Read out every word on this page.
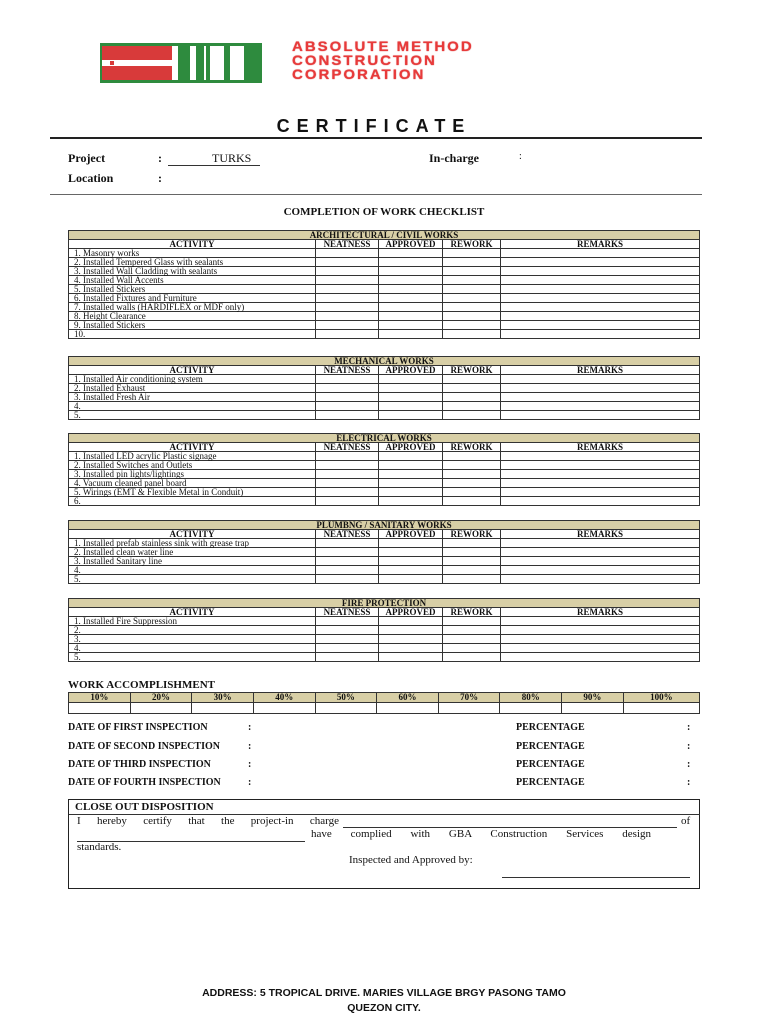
ABSOLUTE METHOD
CONSTRUCTION
CORPORATION
CERTIFICATE
Project	:	TURKS	In-charge	:
Location	:
COMPLETION OF WORK CHECKLIST
ARCHITECTURAL / CIVIL WORKS				
ACTIVITY	NEATNESS	APPROVED	REWORK	REMARKS
1. Masonry works				
2. Installed Tempered Glass with sealants				
3. Installed Wall Cladding with sealants				
4. Installed Wall Accents				
5. Installed Stickers				
6. Installed Fixtures and Furniture				
7. Installed walls (HARDIFLEX or MDF only)				
8. Height Clearance				
9. Installed Stickers				
10.				
MECHANICAL WORKS				
ACTIVITY	NEATNESS	APPROVED	REWORK	REMARKS
1. Installed Air conditioning system				
2. Installed Exhaust				
3. Installed Fresh Air				
4.				
5.				
ELECTRICAL WORKS				
ACTIVITY	NEATNESS	APPROVED	REWORK	REMARKS
1. Installed LED acrylic Plastic signage				
2. Installed Switches and Outlets				
3. Installed pin lights/lightings				
4. Vacuum cleaned panel board				
5. Wirings (EMT & Flexible Metal in Conduit)				
6.				
PLUMBNG / SANITARY WORKS				
ACTIVITY	NEATNESS	APPROVED	REWORK	REMARKS
1. Installed prefab stainless sink with grease trap				
2. Installed clean water line				
3. Installed Sanitary line				
4.				
5.				
FIRE PROTECTION				
ACTIVITY	NEATNESS	APPROVED	REWORK	REMARKS
1. Installed Fire Suppression				
2.				
3.				
4.				
5.				
WORK ACCOMPLISHMENT
10%	20%	30%	40%	50%	60%	70%	80%	90%	100%

DATE OF FIRST INSPECTION	:	PERCENTAGE	:
DATE OF SECOND INSPECTION	:	PERCENTAGE	:
DATE OF THIRD INSPECTION	:	PERCENTAGE	:
DATE OF FOURTH INSPECTION	:	PERCENTAGE	:
CLOSE OUT DISPOSITION
I hereby certify that the project-in charge	of
have complied with GBA Construction Services design
standards.
Inspected and Approved by:
ADDRESS: 5 TROPICAL DRIVE. MARIES VILLAGE BRGY PASONG TAMO
QUEZON CITY.
